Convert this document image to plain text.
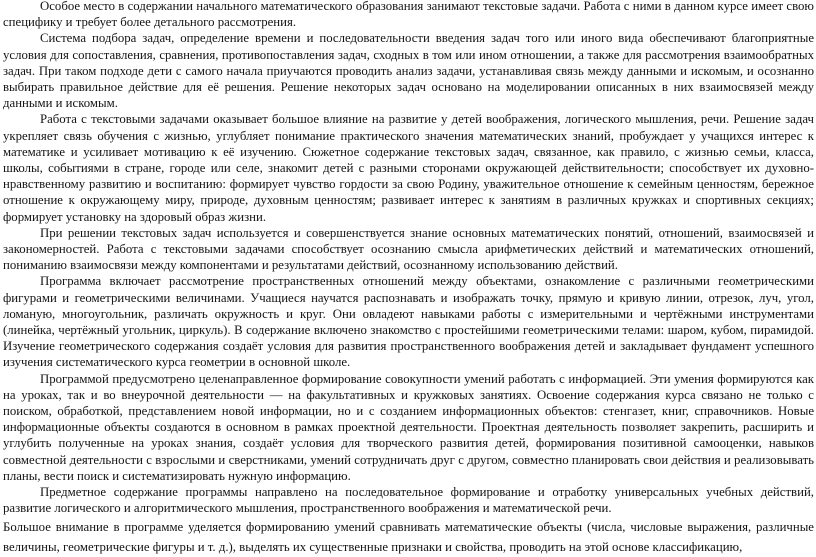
Особое место в содержании начального математического образования занимают текстовые задачи. Работа с ними в данном курсе имеет свою специфику и требует более детального рассмотрения.

Система подбора задач, определение времени и последовательности введения задач того или иного вида обеспечивают благоприятные условия для сопоставления, сравнения, противопоставления задач, сходных в том или ином отношении, а также для рассмотрения взаимообратных задач. При таком подходе дети с самого начала приучаются проводить анализ задачи, устанавливая связь между данными и искомым, и осознанно выбирать правильное действие для её решения. Решение некоторых задач основано на моделировании описанных в них взаимосвязей между данными и искомым.

Работа с текстовыми задачами оказывает большое влияние на развитие у детей воображения, логического мышления, речи. Решение задач укрепляет связь обучения с жизнью, углубляет понимание практического значения математических знаний, пробуждает у учащихся интерес к математике и усиливает мотивацию к её изучению. Сюжетное содержание текстовых задач, связанное, как правило, с жизнью семьи, класса, школы, событиями в стране, городе или селе, знакомит детей с разными сторонами окружающей действительности; способствует их духовно-нравственному развитию и воспитанию: формирует чувство гордости за свою Родину, уважительное отношение к семейным ценностям, бережное отношение к окружающему миру, природе, духовным ценностям; развивает интерес к занятиям в различных кружках и спортивных секциях; формирует установку на здоровый образ жизни.

При решении текстовых задач используется и совершенствуется знание основных математических понятий, отношений, взаимосвязей и закономерностей. Работа с текстовыми задачами способствует осознанию смысла арифметических действий и математических отношений, пониманию взаимосвязи между компонентами и результатами действий, осознанному использованию действий.

Программа включает рассмотрение пространственных отношений между объектами, ознакомление с различными геометрическими фигурами и геометрическими величинами. Учащиеся научатся распознавать и изображать точку, прямую и кривую линии, отрезок, луч, угол, ломаную, многоугольник, различать окружность и круг. Они овладеют навыками работы с измерительными и чертёжными инструментами (линейка, чертёжный угольник, циркуль). В содержание включено знакомство с простейшими геометрическими телами: шаром, кубом, пирамидой. Изучение геометрического содержания создаёт условия для развития пространственного воображения детей и закладывает фундамент успешного изучения систематического курса геометрии в основной школе.

Программой предусмотрено целенаправленное формирование совокупности умений работать с информацией. Эти умения формируются как на уроках, так и во внеурочной деятельности — на факультативных и кружковых занятиях. Освоение содержания курса связано не только с поиском, обработкой, представлением новой информации, но и с созданием информационных объектов: стенгазет, книг, справочников. Новые информационные объекты создаются в основном в рамках проектной деятельности. Проектная деятельность позволяет закрепить, расширить и углубить полученные на уроках знания, создаёт условия для творческого развития детей, формирования позитивной самооценки, навыков совместной деятельности с взрослыми и сверстниками, умений сотрудничать друг с другом, совместно планировать свои действия и реализовывать планы, вести поиск и систематизировать нужную информацию.

Предметное содержание программы направлено на последовательное формирование и отработку универсальных учебных действий, развитие логического и алгоритмического мышления, пространственного воображения и математической речи.

Большое внимание в программе уделяется формированию умений сравнивать математические объекты (числа, числовые выражения, различные величины, геометрические фигуры и т. д.), выделять их существенные признаки и свойства, проводить на этой основе классификацию,
